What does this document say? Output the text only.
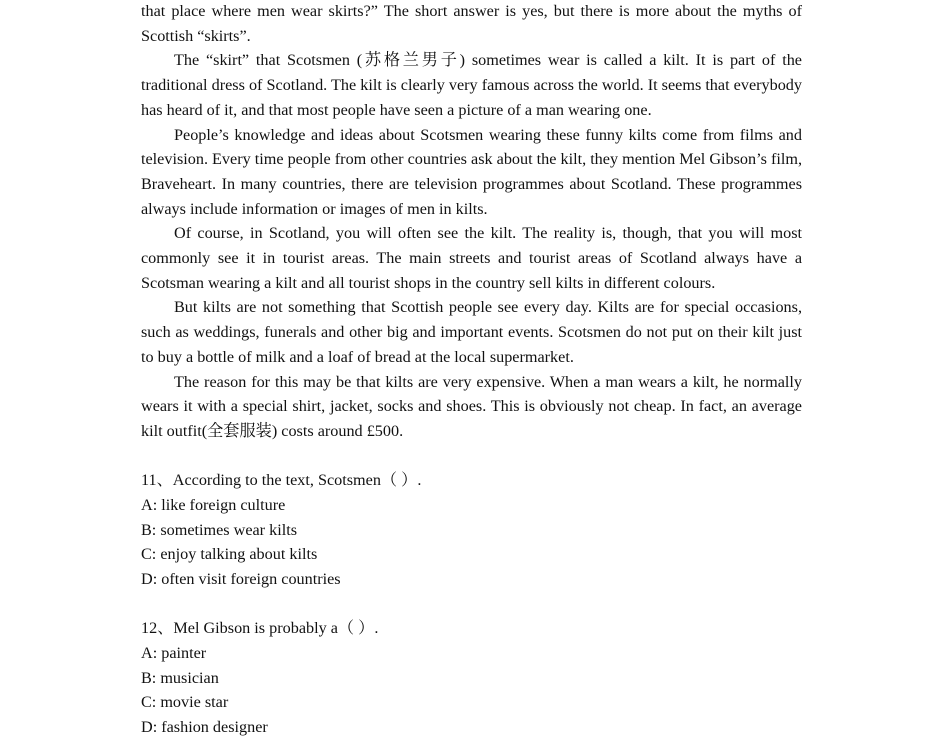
that place where men wear skirts?” The short answer is yes, but there is more about the myths of Scottish “skirts”.

The “skirt” that Scotsmen (苏格兰男子) sometimes wear is called a kilt. It is part of the traditional dress of Scotland. The kilt is clearly very famous across the world. It seems that everybody has heard of it, and that most people have seen a picture of a man wearing one.

People’s knowledge and ideas about Scotsmen wearing these funny kilts come from films and television. Every time people from other countries ask about the kilt, they mention Mel Gibson’s film, Braveheart. In many countries, there are television programmes about Scotland. These programmes always include information or images of men in kilts.

Of course, in Scotland, you will often see the kilt. The reality is, though, that you will most commonly see it in tourist areas. The main streets and tourist areas of Scotland always have a Scotsman wearing a kilt and all tourist shops in the country sell kilts in different colours.

But kilts are not something that Scottish people see every day. Kilts are for special occasions, such as weddings, funerals and other big and important events. Scotsmen do not put on their kilt just to buy a bottle of milk and a loaf of bread at the local supermarket.

The reason for this may be that kilts are very expensive. When a man wears a kilt, he normally wears it with a special shirt, jacket, socks and shoes. This is obviously not cheap. In fact, an average kilt outfit(全套服装) costs around £500.

11、According to the text, Scotsmen（ ）.

A: like foreign culture

B: sometimes wear kilts

C: enjoy talking about kilts

D: often visit foreign countries

12、Mel Gibson is probably a（ ）.

A: painter

B: musician

C: movie star

D: fashion designer
